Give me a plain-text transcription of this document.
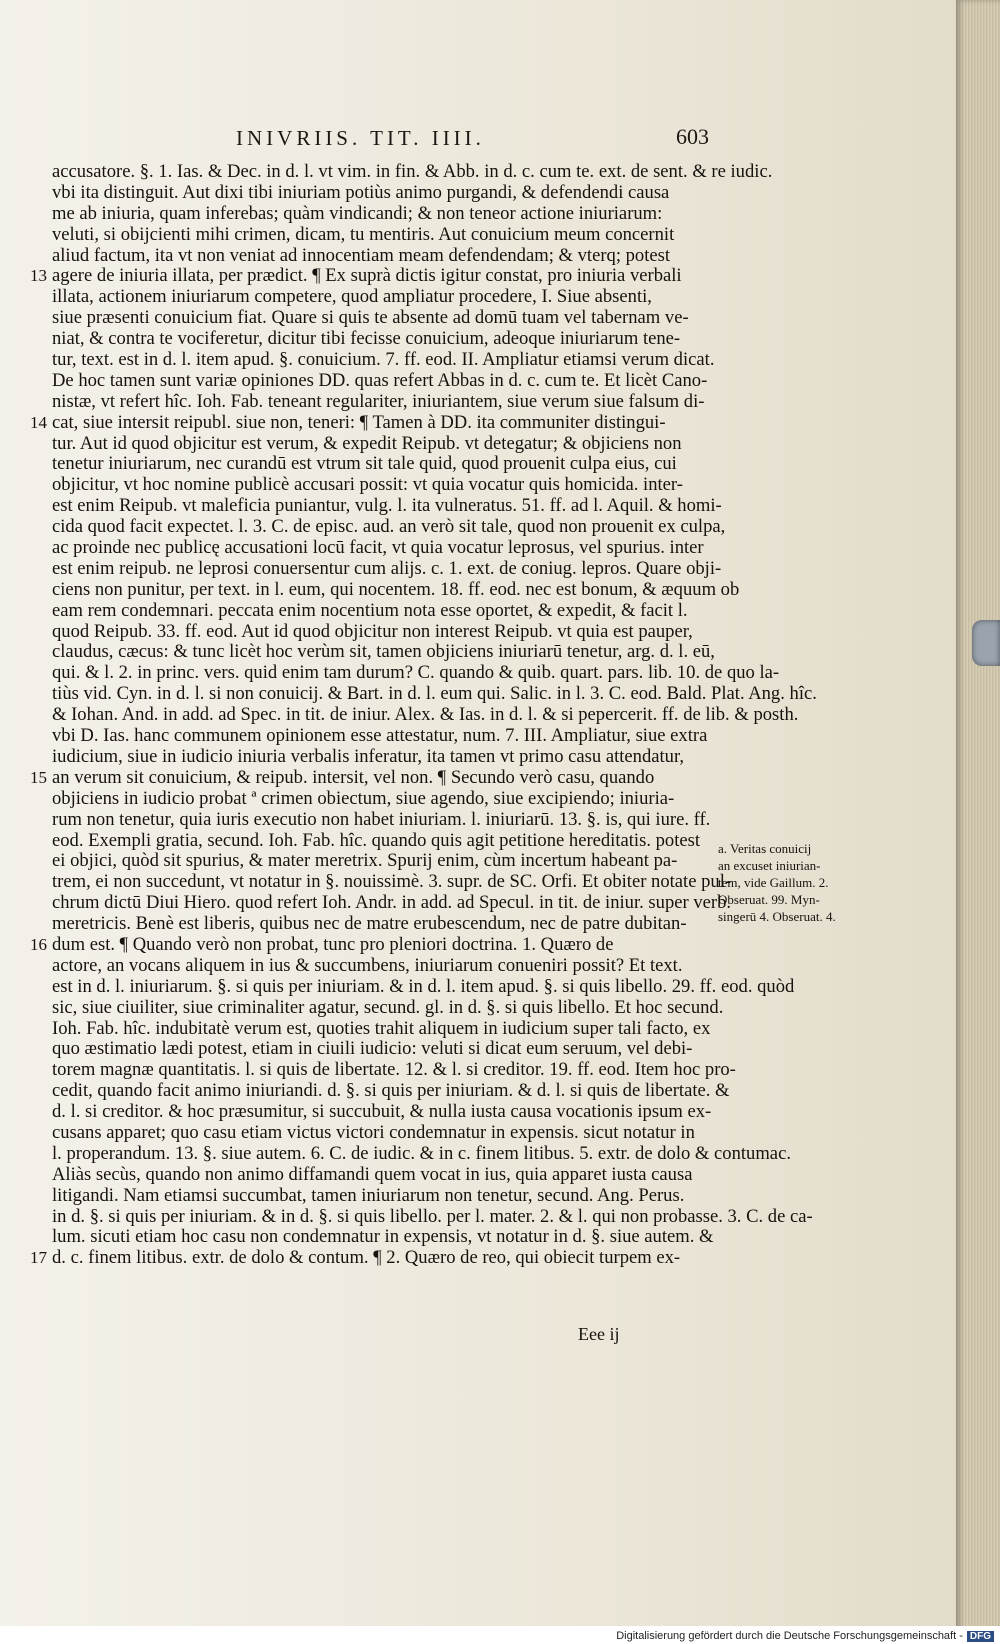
INIVRIIS. TIT. IIII.	603
accusatore. §. 1. Ias. & Dec. in d. l. vt vim. in fin. & Abb. in d. c. cum te. ext. de sent. & re iudic.
vbi ita distinguit. Aut dixi tibi iniuriam potiùs animo purgandi, & defendendi causa
me ab iniuria, quam inferebas; quàm vindicandi; & non teneor actione iniuriarum:
veluti, si obijcienti mihi crimen, dicam, tu mentiris. Aut conuicium meum concernit
aliud factum, ita vt non veniat ad innocentiam meam defendendam; & vterq; potest
13 agere de iniuria illata, per prædict. ¶ Ex suprà dictis igitur constat, pro iniuria verbali
illata, actionem iniuriarum competere, quod ampliatur procedere, I. Siue absenti,
siue præsenti conuicium fiat. Quare si quis te absente ad domū tuam vel tabernam ve-
niat, & contra te vociferetur, dicitur tibi fecisse conuicium, adeoque iniuriarum tene-
tur, text. est in d. l. item apud. §. conuicium. 7. ff. eod. II. Ampliatur etiamsi verum dicat.
De hoc tamen sunt variæ opiniones DD. quas refert Abbas in d. c. cum te. Et licèt Cano-
nistæ, vt refert hîc. Ioh. Fab. teneant regulariter, iniuriantem, siue verum siue falsum di-
14 cat, siue intersit reipubl. siue non, teneri: ¶ Tamen à DD. ita communiter distingui-
tur. Aut id quod objicitur est verum, & expedit Reipub. vt detegatur; & objiciens non
tenetur iniuriarum, nec curandū est vtrum sit tale quid, quod prouenit culpa eius, cui
objicitur, vt hoc nomine publicè accusari possit: vt quia vocatur quis homicida. inter-
est enim Reipub. vt maleficia puniantur, vulg. l. ita vulneratus. 51. ff. ad l. Aquil. & homi-
cida quod facit expectet. l. 3. C. de episc. aud. an verò sit tale, quod non prouenit ex culpa,
ac proinde nec publicę accusationi locū facit, vt quia vocatur leprosus, vel spurius. inter
est enim reipub. ne leprosi conuersentur cum alijs. c. 1. ext. de coniug. lepros. Quare obji-
ciens non punitur, per text. in l. eum, qui nocentem. 18. ff. eod. nec est bonum, & æquum ob
eam rem condemnari. peccata enim nocentium nota esse oportet, & expedit, & facit l.
quod Reipub. 33. ff. eod. Aut id quod objicitur non interest Reipub. vt quia est pauper,
claudus, cæcus: & tunc licèt hoc verùm sit, tamen objiciens iniuriarū tenetur, arg. d. l. eū,
qui. & l. 2. in princ. vers. quid enim tam durum? C. quando & quib. quart. pars. lib. 10. de quo la-
tiùs vid. Cyn. in d. l. si non conuicij. & Bart. in d. l. eum qui. Salic. in l. 3. C. eod. Bald. Plat. Ang. hîc.
& Iohan. And. in add. ad Spec. in tit. de iniur. Alex. & Ias. in d. l. & si pepercerit. ff. de lib. & posth.
vbi D. Ias. hanc communem opinionem esse attestatur, num. 7. III. Ampliatur, siue extra
iudicium, siue in iudicio iniuria verbalis inferatur, ita tamen vt primo casu attendatur,
15 an verum sit conuicium, & reipub. intersit, vel non. ¶ Secundo verò casu, quando
objiciens in iudicio probat ª crimen obiectum, siue agendo, siue excipiendo; iniuria-
rum non tenetur, quia iuris executio non habet iniuriam. l. iniuriarū. 13. §. is, qui iure. ff.
eod. Exempli gratia, secund. Ioh. Fab. hîc. quando quis agit petitione hereditatis. potest
ei objici, quòd sit spurius, & mater meretrix. Spurij enim, cùm incertum habeant pa-
trem, ei non succedunt, vt notatur in §. nouissimè. 3. supr. de SC. Orfi. Et obiter notate pul-
chrum dictū Diui Hiero. quod refert Ioh. Andr. in add. ad Specul. in tit. de iniur. super verb.
meretricis. Benè est liberis, quibus nec de matre erubescendum, nec de patre dubitan-
16 dum est. ¶ Quando verò non probat, tunc pro pleniori doctrina. 1. Quæro de
actore, an vocans aliquem in ius & succumbens, iniuriarum conueniri possit? Et text.
est in d. l. iniuriarum. §. si quis per iniuriam. & in d. l. item apud. §. si quis libello. 29. ff. eod. quòd
sic, siue ciuiliter, siue criminaliter agatur, secund. gl. in d. §. si quis libello. Et hoc secund.
Ioh. Fab. hîc. indubitatè verum est, quoties trahit aliquem in iudicium super tali facto, ex
quo æstimatio lædi potest, etiam in ciuili iudicio: veluti si dicat eum seruum, vel debi-
torem magnæ quantitatis. l. si quis de libertate. 12. & l. si creditor. 19. ff. eod. Item hoc pro-
cedit, quando facit animo iniuriandi. d. §. si quis per iniuriam. & d. l. si quis de libertate. &
d. l. si creditor. & hoc præsumitur, si succubuit, & nulla iusta causa vocationis ipsum ex-
cusans apparet; quo casu etiam victus victori condemnatur in expensis. sicut notatur in
l. properandum. 13. §. siue autem. 6. C. de iudic. & in c. finem litibus. 5. extr. de dolo & contumac.
Aliàs secùs, quando non animo diffamandi quem vocat in ius, quia apparet iusta causa
litigandi. Nam etiamsi succumbat, tamen iniuriarum non tenetur, secund. Ang. Perus.
in d. §. si quis per iniuriam. & in d. §. si quis libello. per l. mater. 2. & l. qui non probasse. 3. C. de ca-
lum. sicuti etiam hoc casu non condemnatur in expensis, vt notatur in d. §. siue autem. &
17 d. c. finem litibus. extr. de dolo & contum. ¶ 2. Quæro de reo, qui obiecit turpem ex-
a. Veritas conuicij
an excuset iniurian-
tem, vide Gaillum. 2.
Obseruat. 99. Myn-
singerū 4. Obseruat. 4.
Eee ij
Digitalisierung gefördert durch die Deutsche Forschungsgemeinschaft - DFG
